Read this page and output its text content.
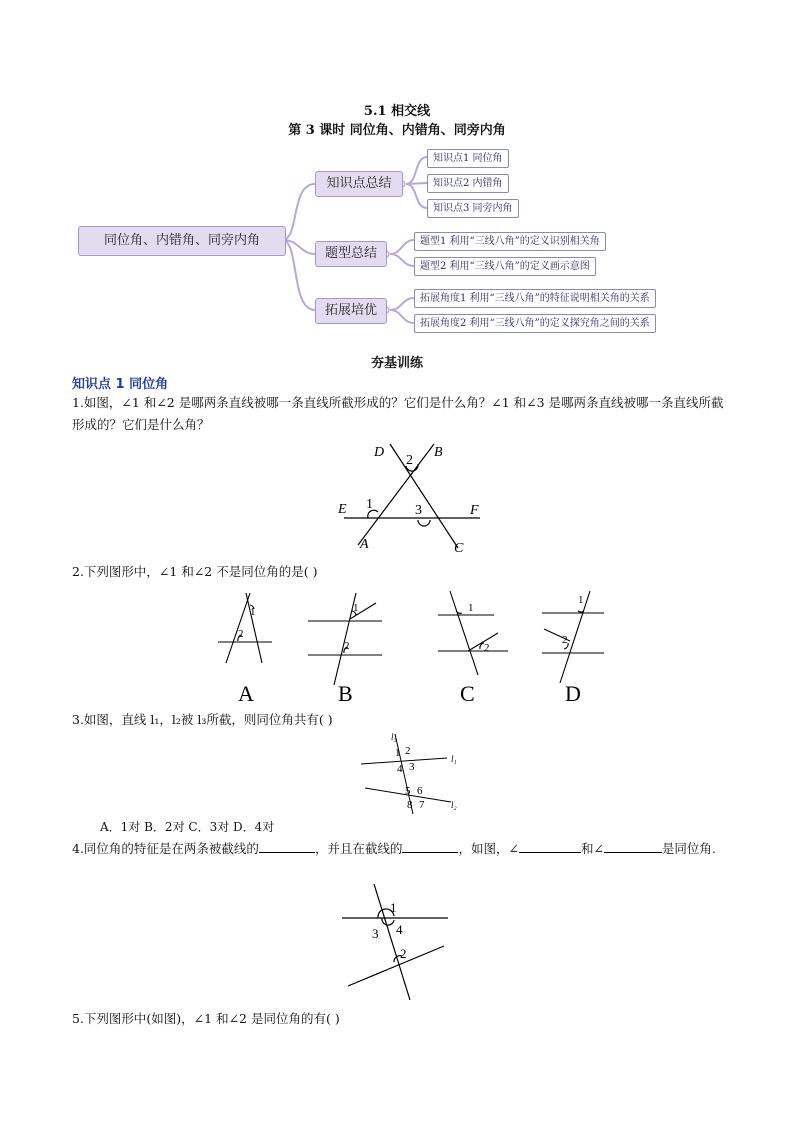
5.1 相交线
第 3 课时 同位角、内错角、同旁内角
同位角、内错角、同旁内角
知识点总结
题型总结
拓展培优
知识点1 同位角
知识点2 内错角
知识点3 同旁内角
题型1 利用“三线八角”的定义识别相关角
题型2 利用“三线八角”的定义画示意图
拓展角度1 利用“三线八角”的特征说明相关角的关系
拓展角度2 利用“三线八角”的定义探究角之间的关系
夯基训练
知识点 1 同位角
1.如图，∠1 和∠2 是哪两条直线被哪一条直线所截形成的？它们是什么角？∠1 和∠3 是哪两条直线被哪一条直线所截形成的？它们是什么角？
D	B
2
1	3
E	F
A	C
2.下列图形中，∠1 和∠2 不是同位角的是( )
1
2
1
2
1
2
1
2
A	B	C	D
3.如图，直线 l₁，l₂被 l₃所截，则同位角共有( )
l₃
l₁
l₂
1 2
3
4
5 6
7
8
A．1对 B．2对 C．3对 D．4对
4.同位角的特征是在两条被截线的	，并且在截线的	，如图，∠	和∠	是同位角.
1
3 4
2
5.下列图形中(如图)，∠1 和∠2 是同位角的有( )
